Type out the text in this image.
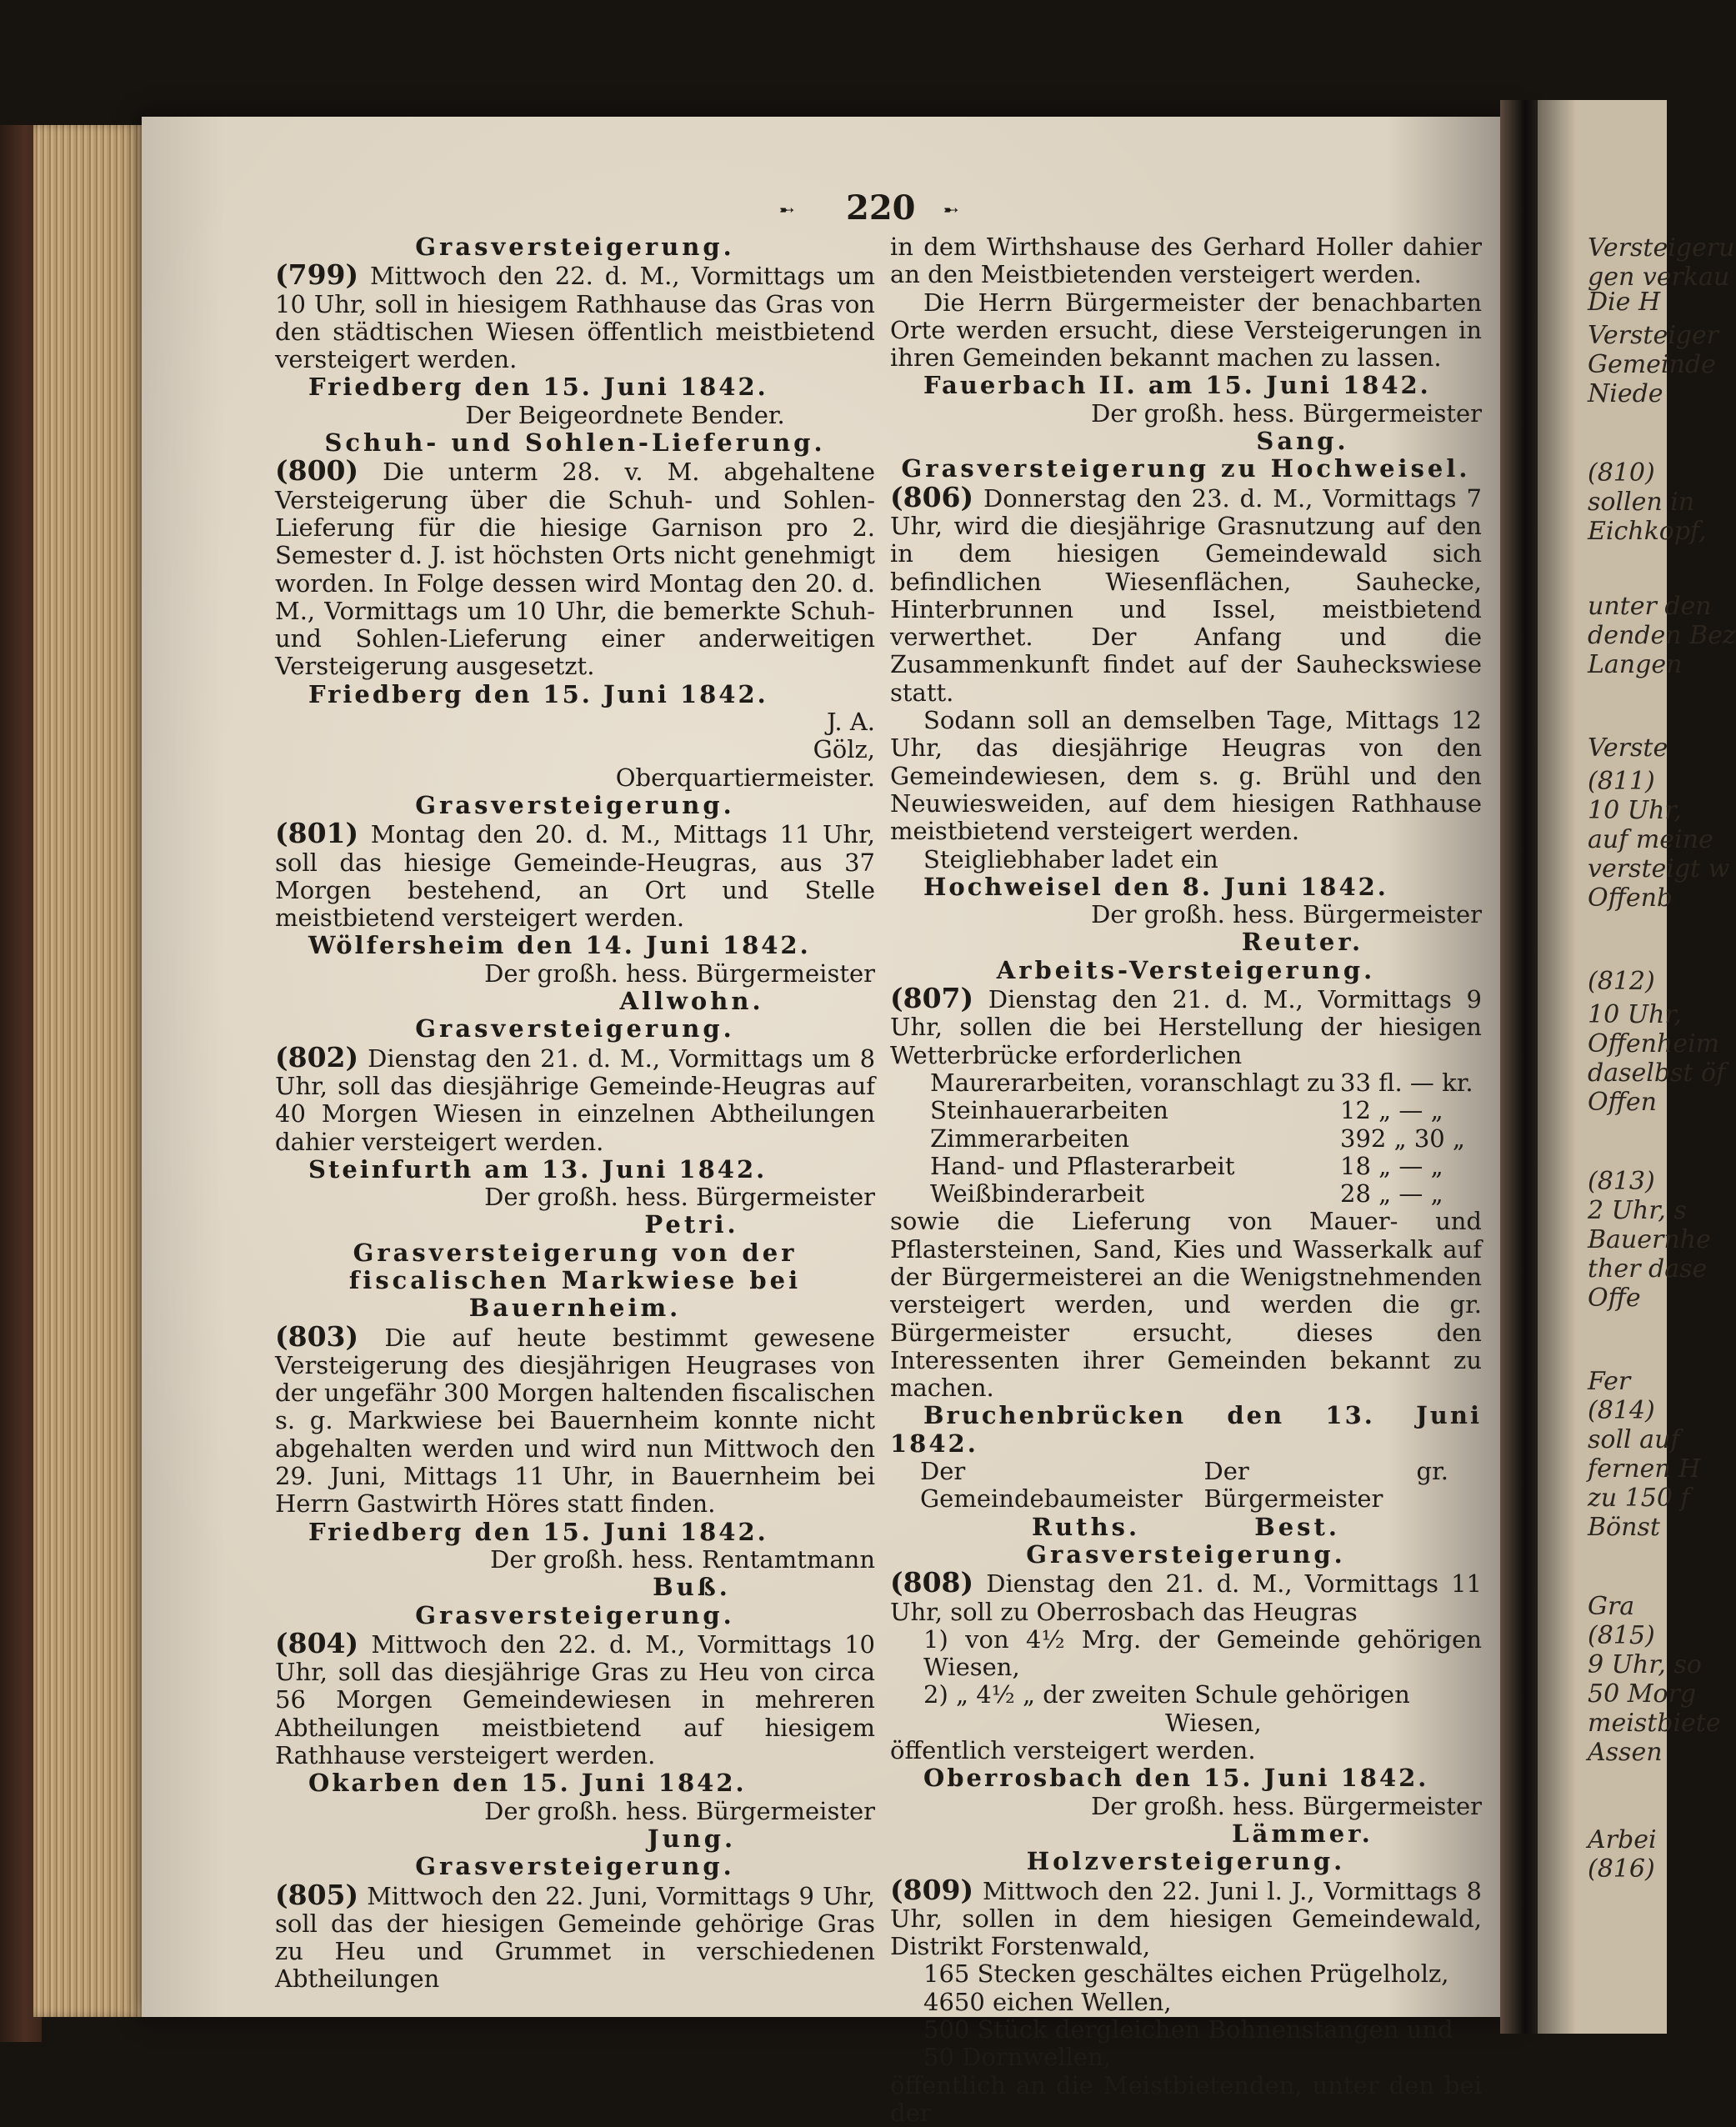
Versteigeru
gen verkau
Die H
Versteiger
Gemeinde
Niede
(810)
sollen in
Eichkopf,
unter den
denden Bez
Langen
Verste
(811)
10 Uhr,
auf meine
versteigt w
Offenb
(812)
10 Uhr,
Offenheim
daselbst öf
Offen
(813)
2 Uhr, s
Bauernhe
ther dase
Offe
Fer
(814)
soll auf
fernen H
zu 150 f
Bönst
Gra
(815)
9 Uhr, so
50 Morg
meistbiete
Assen
Arbei
(816)
➸ 220 ➸

Grasversteigerung.

(799) Mittwoch den 22. d. M., Vormittags um 10 Uhr, soll in hiesigem Rathhause das Gras von den städtischen Wiesen öffentlich meistbietend versteigert werden.

Friedberg den 15. Juni 1842.

Der Beigeordnete Bender.

Schuh- und Sohlen-Lieferung.

(800) Die unterm 28. v. M. abgehaltene Versteigerung über die Schuh- und Sohlen-Lieferung für die hiesige Garnison pro 2. Semester d. J. ist höchsten Orts nicht genehmigt worden. In Folge dessen wird Montag den 20. d. M., Vormittags um 10 Uhr, die bemerkte Schuh- und Sohlen-Lieferung einer anderweitigen Versteigerung ausgesetzt.

Friedberg den 15. Juni 1842.

J. A.

Gölz,

Oberquartiermeister.

Grasversteigerung.

(801) Montag den 20. d. M., Mittags 11 Uhr, soll das hiesige Gemeinde-Heugras, aus 37 Morgen bestehend, an Ort und Stelle meistbietend versteigert werden.

Wölfersheim den 14. Juni 1842.

Der großh. hess. Bürgermeister

Allwohn.

Grasversteigerung.

(802) Dienstag den 21. d. M., Vormittags um 8 Uhr, soll das diesjährige Gemeinde-Heugras auf 40 Morgen Wiesen in einzelnen Abtheilungen dahier versteigert werden.

Steinfurth am 13. Juni 1842.

Der großh. hess. Bürgermeister

Petri.

Grasversteigerung von der fiscalischen Markwiese bei Bauernheim.

(803) Die auf heute bestimmt gewesene Versteigerung des diesjährigen Heugrases von der ungefähr 300 Morgen haltenden fiscalischen s. g. Markwiese bei Bauernheim konnte nicht abgehalten werden und wird nun Mittwoch den 29. Juni, Mittags 11 Uhr, in Bauernheim bei Herrn Gastwirth Höres statt finden.

Friedberg den 15. Juni 1842.

Der großh. hess. Rentamtmann

Buß.

Grasversteigerung.

(804) Mittwoch den 22. d. M., Vormittags 10 Uhr, soll das diesjährige Gras zu Heu von circa 56 Morgen Gemeindewiesen in mehreren Abtheilungen meistbietend auf hiesigem Rathhause versteigert werden.

Okarben den 15. Juni 1842.

Der großh. hess. Bürgermeister

Jung.

Grasversteigerung.

(805) Mittwoch den 22. Juni, Vormittags 9 Uhr, soll das der hiesigen Gemeinde gehörige Gras zu Heu und Grummet in verschiedenen Abtheilungen

in dem Wirthshause des Gerhard Holler dahier an den Meistbietenden versteigert werden.

Die Herrn Bürgermeister der benachbarten Orte werden ersucht, diese Versteigerungen in ihren Gemeinden bekannt machen zu lassen.

Fauerbach II. am 15. Juni 1842.

Der großh. hess. Bürgermeister

Sang.

Grasversteigerung zu Hochweisel.

(806) Donnerstag den 23. d. M., Vormittags 7 Uhr, wird die diesjährige Grasnutzung auf den in dem hiesigen Gemeindewald sich befindlichen Wiesenflächen, Sauhecke, Hinterbrunnen und Issel, meistbietend verwerthet. Der Anfang und die Zusammenkunft findet auf der Sauheckswiese statt.

Sodann soll an demselben Tage, Mittags 12 Uhr, das diesjährige Heugras von den Gemeindewiesen, dem s. g. Brühl und den Neuwiesweiden, auf dem hiesigen Rathhause meistbietend versteigert werden.

Steigliebhaber ladet ein

Hochweisel den 8. Juni 1842.

Der großh. hess. Bürgermeister

Reuter.

Arbeits-Versteigerung.

(807) Dienstag den 21. d. M., Vormittags 9 Uhr, sollen die bei Herstellung der hiesigen Wetterbrücke erforderlichen

Maurerarbeiten, voranschlagt zu 33 fl. — kr.

Steinhauerarbeiten	12 „ — „

Zimmerarbeiten	392 „ 30 „

Hand- und Pflasterarbeit	18 „ — „

Weißbinderarbeit	28 „ — „

sowie die Lieferung von Mauer- und Pflastersteinen, Sand, Kies und Wasserkalk auf der Bürgermeisterei an die Wenigstnehmenden versteigert werden, und werden die gr. Bürgermeister ersucht, dieses den Interessenten ihrer Gemeinden bekannt zu machen.

Bruchenbrücken den 13. Juni 1842.

Der Gemeindebaumeister
Der gr. Bürgermeister

Ruths.	Best.

Grasversteigerung.

(808) Dienstag den 21. d. M., Vormittags 11 Uhr, soll zu Oberrosbach das Heugras

1) von 4½ Mrg. der Gemeinde gehörigen Wiesen,

2) „ 4½ „ der zweiten Schule gehörigen

Wiesen,

öffentlich versteigert werden.

Oberrosbach den 15. Juni 1842.

Der großh. hess. Bürgermeister

Lämmer.

Holzversteigerung.

(809) Mittwoch den 22. Juni l. J., Vormittags 8 Uhr, sollen in dem hiesigen Gemeindewald, Distrikt Forstenwald,

165 Stecken geschältes eichen Prügelholz,

4650 eichen Wellen,

500 Stück dergleichen Bohnenstangen und

50 Dornwellen,

öffentlich an die Meistbietenden, unter den bei der
